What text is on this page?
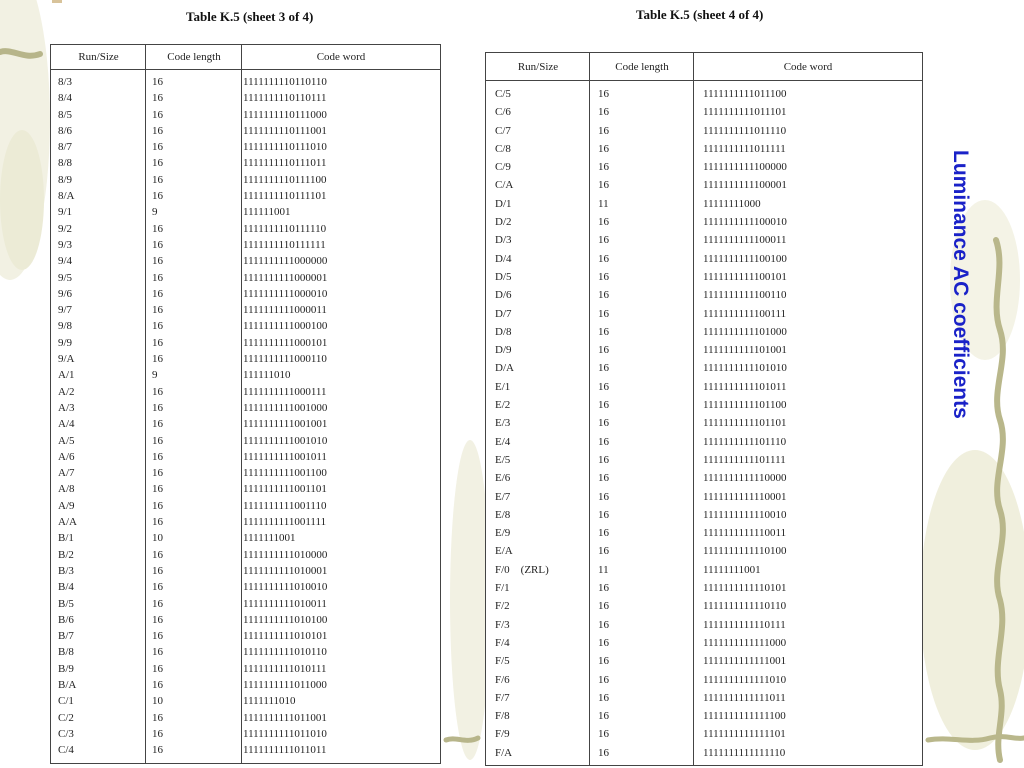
Table K.5 (sheet 3 of 4)	Table K.5 (sheet 4 of 4)
Run/Size	Code length	Code word
8/3	16	1111111110110110
8/4	16	1111111110110111
8/5	16	1111111110111000
8/6	16	1111111110111001
8/7	16	1111111110111010
8/8	16	1111111110111011
8/9	16	1111111110111100
8/A	16	1111111110111101
9/1	9	111111001
9/2	16	1111111110111110
9/3	16	1111111110111111
9/4	16	1111111111000000
9/5	16	1111111111000001
9/6	16	1111111111000010
9/7	16	1111111111000011
9/8	16	1111111111000100
9/9	16	1111111111000101
9/A	16	1111111111000110
A/1	9	111111010
A/2	16	1111111111000111
A/3	16	1111111111001000
A/4	16	1111111111001001
A/5	16	1111111111001010
A/6	16	1111111111001011
A/7	16	1111111111001100
A/8	16	1111111111001101
A/9	16	1111111111001110
A/A	16	1111111111001111
B/1	10	1111111001
B/2	16	1111111111010000
B/3	16	1111111111010001
B/4	16	1111111111010010
B/5	16	1111111111010011
B/6	16	1111111111010100
B/7	16	1111111111010101
B/8	16	1111111111010110
B/9	16	1111111111010111
B/A	16	1111111111011000
C/1	10	1111111010
C/2	16	1111111111011001
C/3	16	1111111111011010
C/4	16	1111111111011011
Run/Size	Code length	Code word
C/5	16	1111111111011100
C/6	16	1111111111011101
C/7	16	1111111111011110
C/8	16	1111111111011111
C/9	16	1111111111100000
C/A	16	1111111111100001
D/1	11	11111111000
D/2	16	1111111111100010
D/3	16	1111111111100011
D/4	16	1111111111100100
D/5	16	1111111111100101
D/6	16	1111111111100110
D/7	16	1111111111100111
D/8	16	1111111111101000
D/9	16	1111111111101001
D/A	16	1111111111101010
E/1	16	1111111111101011
E/2	16	1111111111101100
E/3	16	1111111111101101
E/4	16	1111111111101110
E/5	16	1111111111101111
E/6	16	1111111111110000
E/7	16	1111111111110001
E/8	16	1111111111110010
E/9	16	1111111111110011
E/A	16	1111111111110100
F/0    (ZRL)	11	11111111001
F/1	16	1111111111110101
F/2	16	1111111111110110
F/3	16	1111111111110111
F/4	16	1111111111111000
F/5	16	1111111111111001
F/6	16	1111111111111010
F/7	16	1111111111111011
F/8	16	1111111111111100
F/9	16	1111111111111101
F/A	16	1111111111111110
Luminance AC coefficients
